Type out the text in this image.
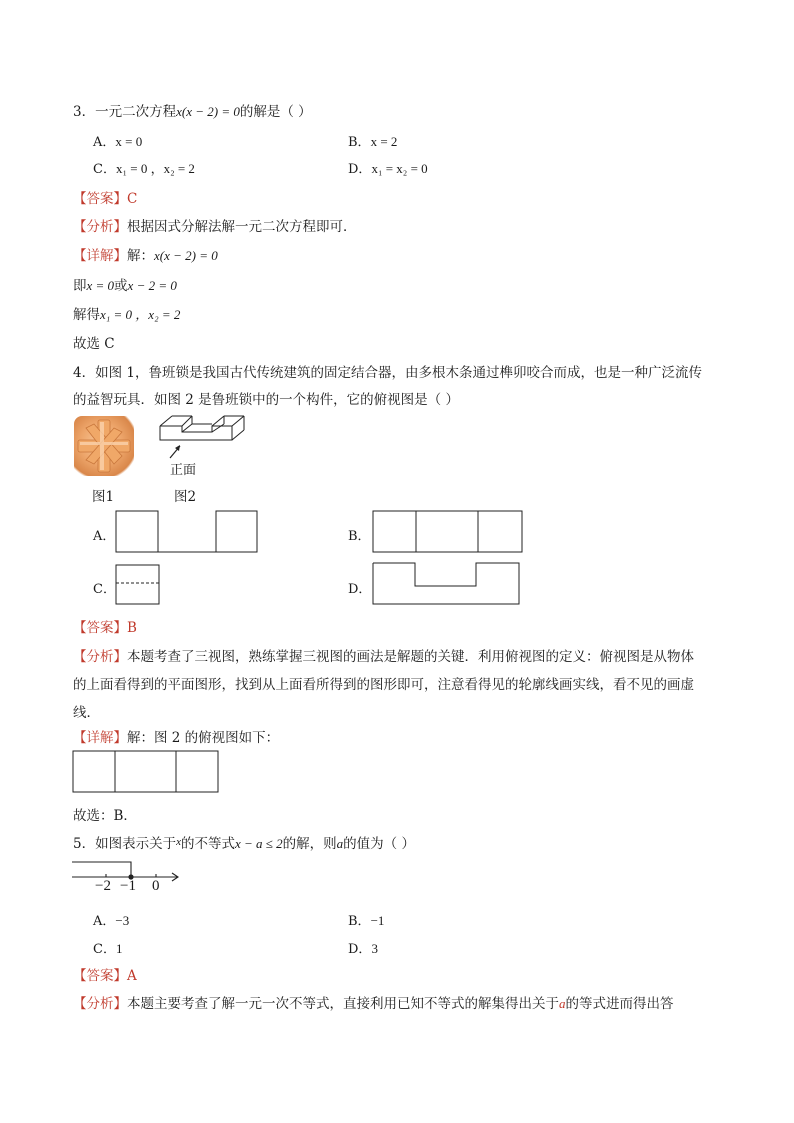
3．一元二次方程x(x − 2) = 0的解是（ ）
A．x = 0	B．x = 2
C．x₁ = 0 ，x₂ = 2	D．x₁ = x₂ = 0
【答案】C
【分析】根据因式分解法解一元二次方程即可．
【详解】解：x(x − 2) = 0
即x = 0或x − 2 = 0
解得x₁ = 0 ，x₂ = 2
故选 C
4．如图 1，鲁班锁是我国古代传统建筑的固定结合器，由多根木条通过榫卯咬合而成，也是一种广泛流传
的益智玩具．如图 2 是鲁班锁中的一个构件，它的俯视图是（ ）
图1
正面
图2
A．	B．
C．	D．
【答案】B
【分析】本题考查了三视图，熟练掌握三视图的画法是解题的关键．利用俯视图的定义：俯视图是从物体
的上面看得到的平面图形，找到从上面看所得到的图形即可，注意看得见的轮廓线画实线，看不见的画虚
线．
【详解】解：图 2 的俯视图如下：
故选：B．
5．如图表示关于$^x$的不等式x − a ≤ 2的解，则a的值为（ ）
−2 −1 0
A．−3	B．−1
C．1	D．3
【答案】A
【分析】本题主要考查了解一元一次不等式，直接利用已知不等式的解集得出关于a的等式进而得出答
